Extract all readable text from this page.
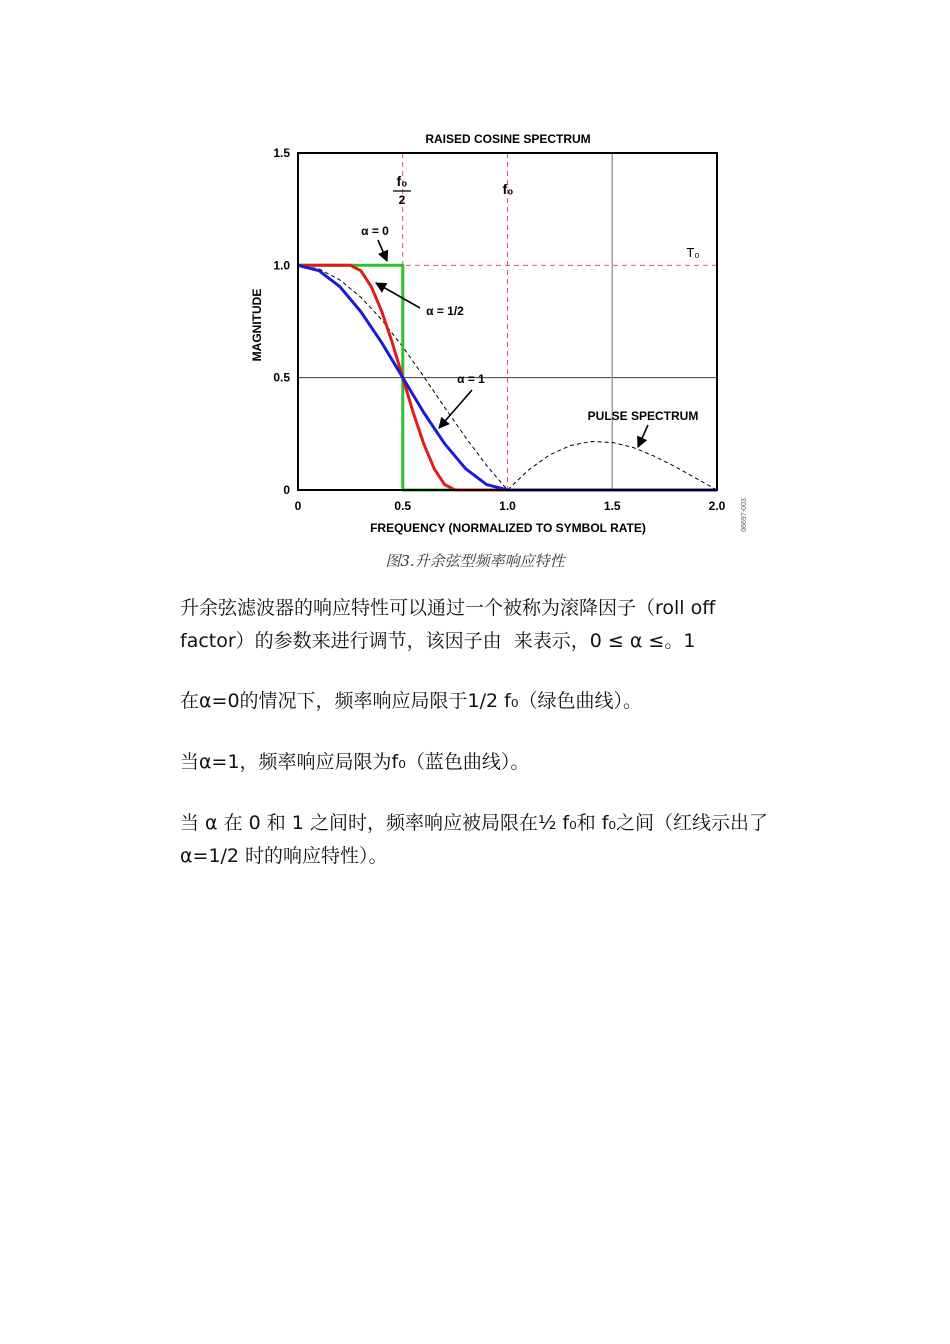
0	0.5	1.0	1.5	2.0
0
0.5
1.0
1.5
α = 0
α = 1/2
α = 1
PULSE SPECTRUM
RAISED COSINE SPECTRUM
FREQUENCY (NORMALIZED TO SYMBOL RATE)
MAGNITUDE
06697-003
f₀
2
f₀
T₀
图3.升余弦型频率响应特性
升余弦滤波器的响应特性可以通过一个被称为滚降因子（roll off factor）的参数来进行调节，该因子由  来表示，0 ≤ α ≤。1
在α=0的情况下，频率响应局限于1/2 f₀（绿色曲线）。
当α=1，频率响应局限为f₀（蓝色曲线）。
当 α 在 0 和 1 之间时，频率响应被局限在½ f₀和 f₀之间（红线示出了 α=1/2 时的响应特性）。
